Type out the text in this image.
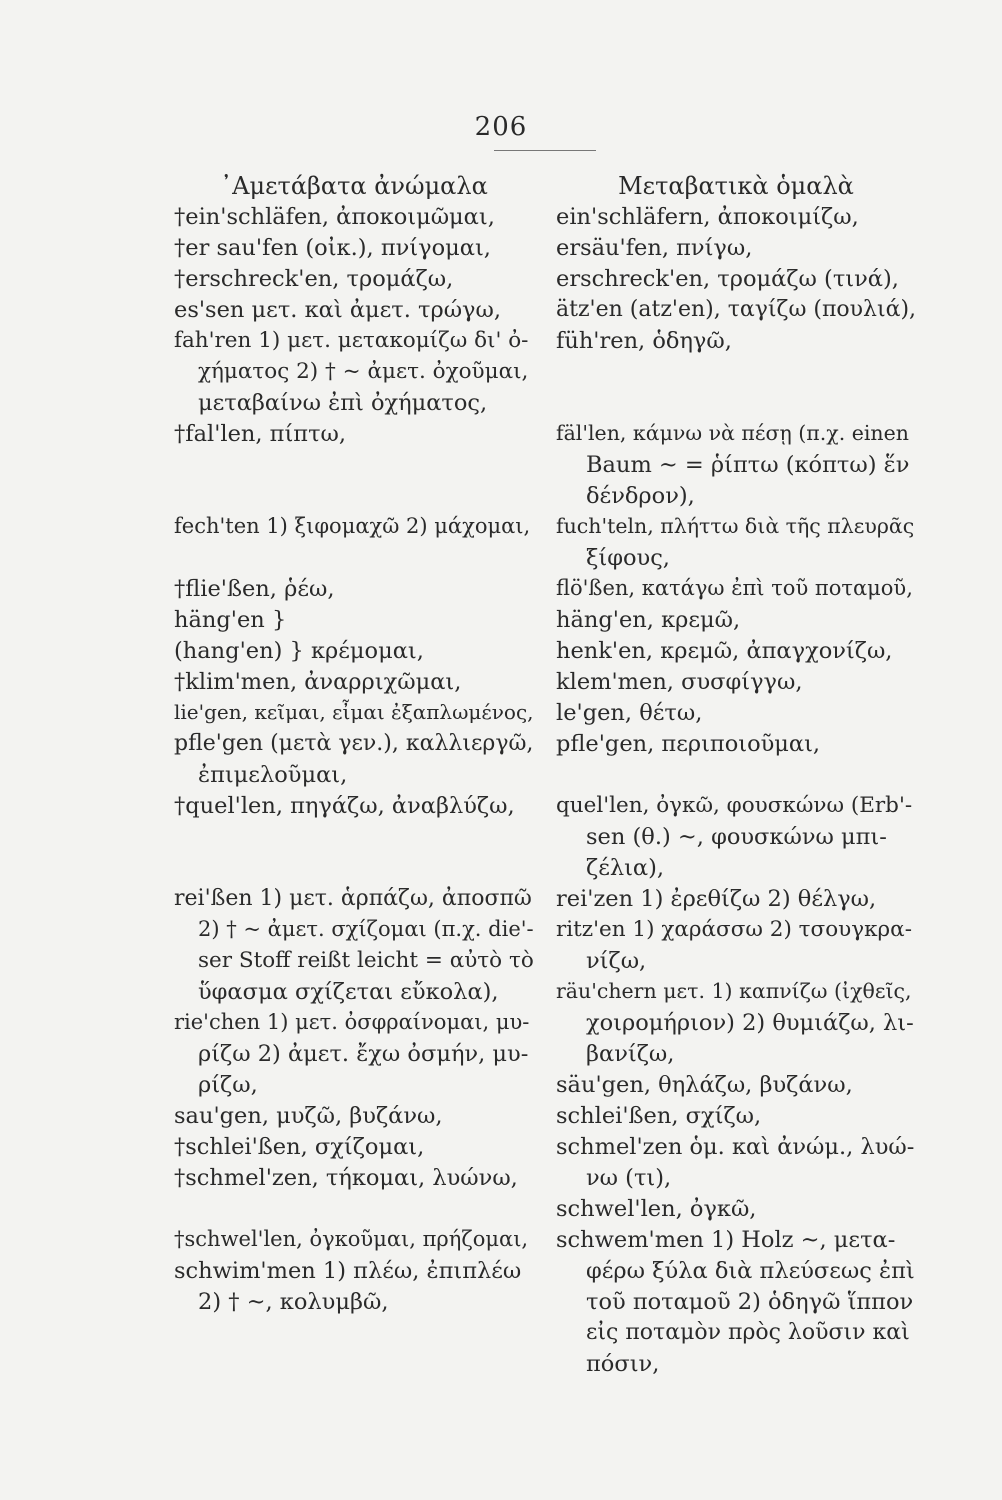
206
᾿Αμετάβατα ἀνώμαλα
†ein'schläfen, ἀποκοιμῶμαι,
†er sau'fen (οἰκ.), πνίγομαι,
†erschreck'en, τρομάζω,
es'sen μετ. καὶ ἀμετ. τρώγω,
fah'ren 1) μετ. μετακομίζω δι' ὀ-
χήματος 2) † ~ ἀμετ. ὀχοῦμαι,
μεταβαίνω ἐπὶ ὀχήματος,
†fal'len, πίπτω,
fech'ten 1) ξιφομαχῶ 2) μάχομαι,
†flie'ßen, ῥέω,
häng'en }
(hang'en) } κρέμομαι,
†klim'men, ἀναρριχῶμαι,
lie'gen, κεῖμαι, εἶμαι ἐξαπλωμένος,
pfle'gen (μετὰ γεν.), καλλιεργῶ,
ἐπιμελοῦμαι,
†quel'len, πηγάζω, ἀναβλύζω,
rei'ßen 1) μετ. ἁρπάζω, ἀποσπῶ
2) † ~ ἀμετ. σχίζομαι (π.χ. die'-
ser Stoff reißt leicht = αὐτὸ τὸ
ὕφασμα σχίζεται εὔκολα),
rie'chen 1) μετ. ὀσφραίνομαι, μυ-
ρίζω 2) ἀμετ. ἔχω ὀσμήν, μυ-
ρίζω,
sau'gen, μυζῶ, βυζάνω,
†schlei'ßen, σχίζομαι,
†schmel'zen, τήκομαι, λυώνω,
†schwel'len, ὀγκοῦμαι, πρήζομαι,
schwim'men 1) πλέω, ἐπιπλέω
2) † ~, κολυμβῶ,
Μεταβατικὰ ὁμαλὰ
ein'schläfern, ἀποκοιμίζω,
ersäu'fen, πνίγω,
erschreck'en, τρομάζω (τινά),
ätz'en (atz'en), ταγίζω (πουλιά),
füh'ren, ὁδηγῶ,
fäl'len, κάμνω νὰ πέσῃ (π.χ. einen
Baum ~ = ῥίπτω (κόπτω) ἕν
δένδρον),
fuch'teln, πλήττω διὰ τῆς πλευρᾶς
ξίφους,
flö'ßen, κατάγω ἐπὶ τοῦ ποταμοῦ,
häng'en, κρεμῶ,
henk'en, κρεμῶ, ἀπαγχονίζω,
klem'men, συσφίγγω,
le'gen, θέτω,
pfle'gen, περιποιοῦμαι,
quel'len, ὀγκῶ, φουσκώνω (Erb'-
sen (θ.) ~, φουσκώνω μπι-
ζέλια),
rei'zen 1) ἐρεθίζω 2) θέλγω,
ritz'en 1) χαράσσω 2) τσουγκρα-
νίζω,
räu'chern μετ. 1) καπνίζω (ἰχθεῖς,
χοιρομήριον) 2) θυμιάζω, λι-
βανίζω,
säu'gen, θηλάζω, βυζάνω,
schlei'ßen, σχίζω,
schmel'zen ὁμ. καὶ ἀνώμ., λυώ-
νω (τι),
schwel'len, ὀγκῶ,
schwem'men 1) Holz ~, μετα-
φέρω ξύλα διὰ πλεύσεως ἐπὶ
τοῦ ποταμοῦ 2) ὁδηγῶ ἵππον
εἰς ποταμὸν πρὸς λοῦσιν καὶ
πόσιν,
